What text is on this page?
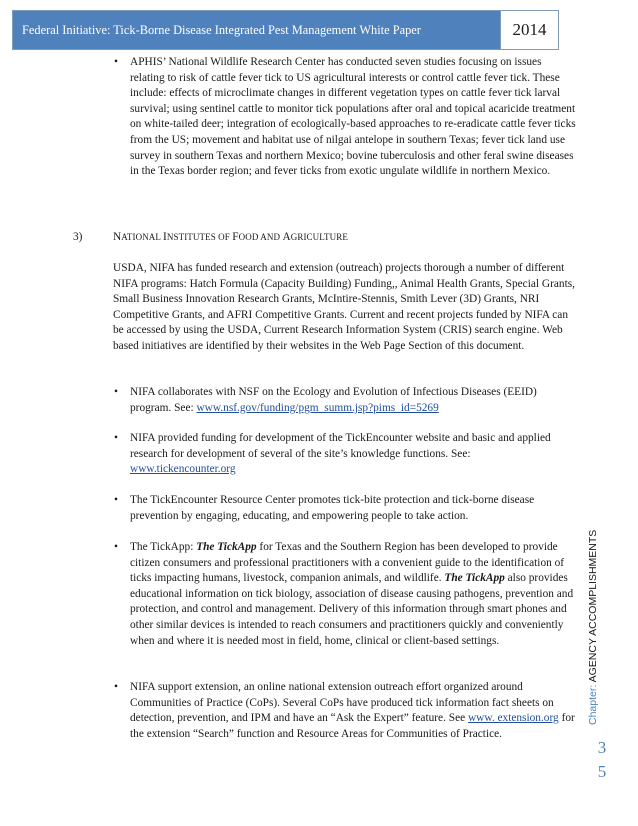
Federal Initiative: Tick-Borne Disease Integrated Pest Management White Paper	2014
• APHIS’ National Wildlife Research Center has conducted seven studies focusing on issues relating to risk of cattle fever tick to US agricultural interests or control cattle fever tick. These include: effects of microclimate changes in different vegetation types on cattle fever tick larval survival; using sentinel cattle to monitor tick populations after oral and topical acaricide treatment on white-tailed deer; integration of ecologically-based approaches to re-eradicate cattle fever ticks from the US; movement and habitat use of nilgai antelope in southern Texas; fever tick land use survey in southern Texas and northern Mexico; bovine tuberculosis and other feral swine diseases in the Texas border region; and fever ticks from exotic ungulate wildlife in northern Mexico.
3)	NATIONAL INSTITUTES OF FOOD AND AGRICULTURE
USDA, NIFA has funded research and extension (outreach) projects thorough a number of different NIFA programs: Hatch Formula (Capacity Building) Funding,, Animal Health Grants, Special Grants, Small Business Innovation Research Grants, McIntire-Stennis, Smith Lever (3D) Grants, NRI Competitive Grants, and AFRI Competitive Grants. Current and recent projects funded by NIFA can be accessed by using the USDA, Current Research Information System (CRIS) search engine. Web based initiatives are identified by their websites in the Web Page Section of this document.
• NIFA collaborates with NSF on the Ecology and Evolution of Infectious Diseases (EEID) program. See: www.nsf.gov/funding/pgm_summ.jsp?pims_id=5269
• NIFA provided funding for development of the TickEncounter website and basic and applied research for development of several of the site’s knowledge functions. See: www.tickencounter.org
• The TickEncounter Resource Center promotes tick-bite protection and tick-borne disease prevention by engaging, educating, and empowering people to take action.
• The TickApp: The TickApp for Texas and the Southern Region has been developed to provide citizen consumers and professional practitioners with a convenient guide to the identification of ticks impacting humans, livestock, companion animals, and wildlife. The TickApp also provides educational information on tick biology, association of disease causing pathogens, prevention and protection, and control and management. Delivery of this information through smart phones and other similar devices is intended to reach consumers and practitioners quickly and conveniently when and where it is needed most in field, home, clinical or client-based settings.
• NIFA support extension, an online national extension outreach effort organized around Communities of Practice (CoPs). Several CoPs have produced tick information fact sheets on detection, prevention, and IPM and have an “Ask the Expert” feature. See www. extension.org for the extension “Search” function and Resource Areas for Communities of Practice.
Chapter: AGENCY ACCOMPLISHMENTS
3
5
